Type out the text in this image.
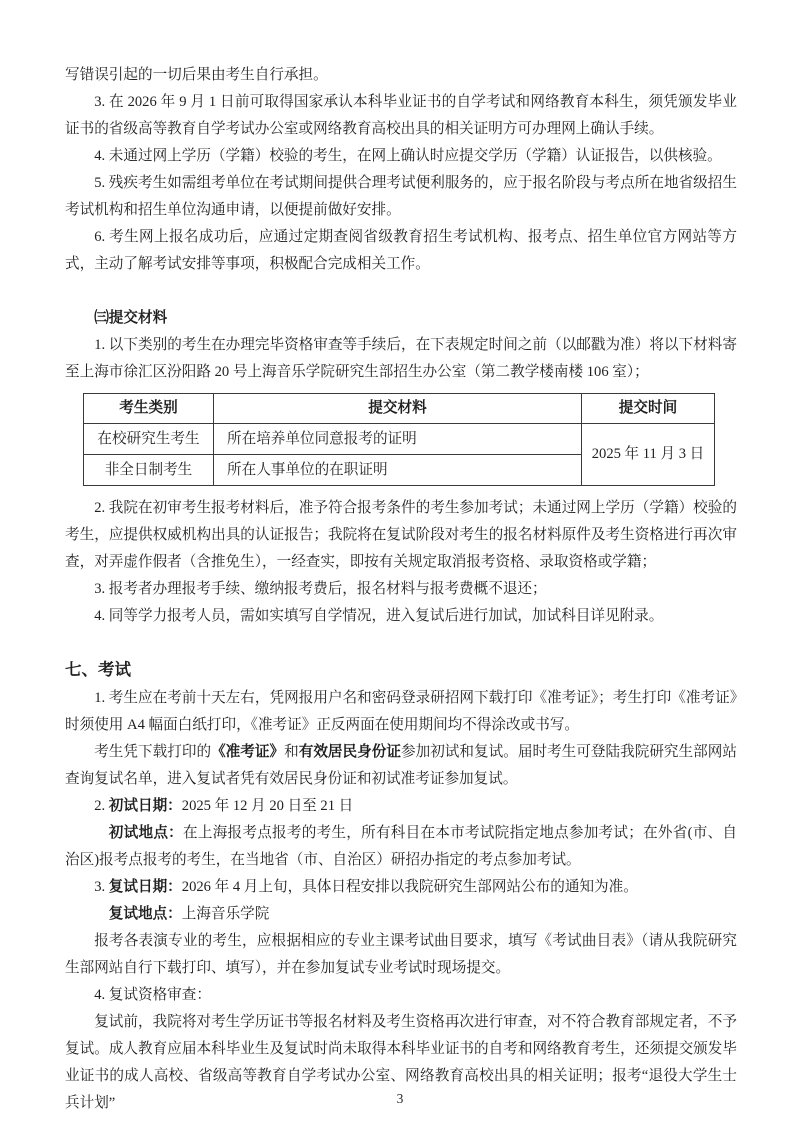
写错误引起的一切后果由考生自行承担。

3. 在 2026 年 9 月 1 日前可取得国家承认本科毕业证书的自学考试和网络教育本科生，须凭颁发毕业证书的省级高等教育自学考试办公室或网络教育高校出具的相关证明方可办理网上确认手续。

4. 未通过网上学历（学籍）校验的考生，在网上确认时应提交学历（学籍）认证报告，以供核验。

5. 残疾考生如需组考单位在考试期间提供合理考试便利服务的，应于报名阶段与考点所在地省级招生考试机构和招生单位沟通申请，以便提前做好安排。

6. 考生网上报名成功后，应通过定期查阅省级教育招生考试机构、报考点、招生单位官方网站等方式，主动了解考试安排等事项，积极配合完成相关工作。

㈢提交材料

1. 以下类别的考生在办理完毕资格审查等手续后，在下表规定时间之前（以邮戳为准）将以下材料寄至上海市徐汇区汾阳路 20 号上海音乐学院研究生部招生办公室（第二教学楼南楼 106 室）；

考生类别	提交材料	提交时间
在校研究生考生	所在培养单位同意报考的证明	2025 年 11 月 3 日
非全日制考生	所在人事单位的在职证明	

2. 我院在初审考生报考材料后，准予符合报考条件的考生参加考试；未通过网上学历（学籍）校验的考生，应提供权威机构出具的认证报告；我院将在复试阶段对考生的报名材料原件及考生资格进行再次审查，对弄虚作假者（含推免生），一经查实，即按有关规定取消报考资格、录取资格或学籍；

3. 报考者办理报考手续、缴纳报考费后，报名材料与报考费概不退还；

4. 同等学力报考人员，需如实填写自学情况，进入复试后进行加试，加试科目详见附录。

七、考试

1. 考生应在考前十天左右，凭网报用户名和密码登录研招网下载打印《准考证》；考生打印《准考证》时须使用 A4 幅面白纸打印，《准考证》正反两面在使用期间均不得涂改或书写。

考生凭下载打印的《准考证》和有效居民身份证参加初试和复试。届时考生可登陆我院研究生部网站查询复试名单，进入复试者凭有效居民身份证和初试准考证参加复试。

2. 初试日期：2025 年 12 月 20 日至 21 日

初试地点：在上海报考点报考的考生，所有科目在本市考试院指定地点参加考试；在外省(市、自治区)报考点报考的考生，在当地省（市、自治区）研招办指定的考点参加考试。

3. 复试日期：2026 年 4 月上旬，具体日程安排以我院研究生部网站公布的通知为准。

复试地点：上海音乐学院

报考各表演专业的考生，应根据相应的专业主课考试曲目要求，填写《考试曲目表》（请从我院研究生部网站自行下载打印、填写），并在参加复试专业考试时现场提交。

4. 复试资格审查：

复试前，我院将对考生学历证书等报名材料及考生资格再次进行审查，对不符合教育部规定者，不予复试。成人教育应届本科毕业生及复试时尚未取得本科毕业证书的自考和网络教育考生，还须提交颁发毕业证书的成人高校、省级高等教育自学考试办公室、网络教育高校出具的相关证明；报考“退役大学生士兵计划”	3
